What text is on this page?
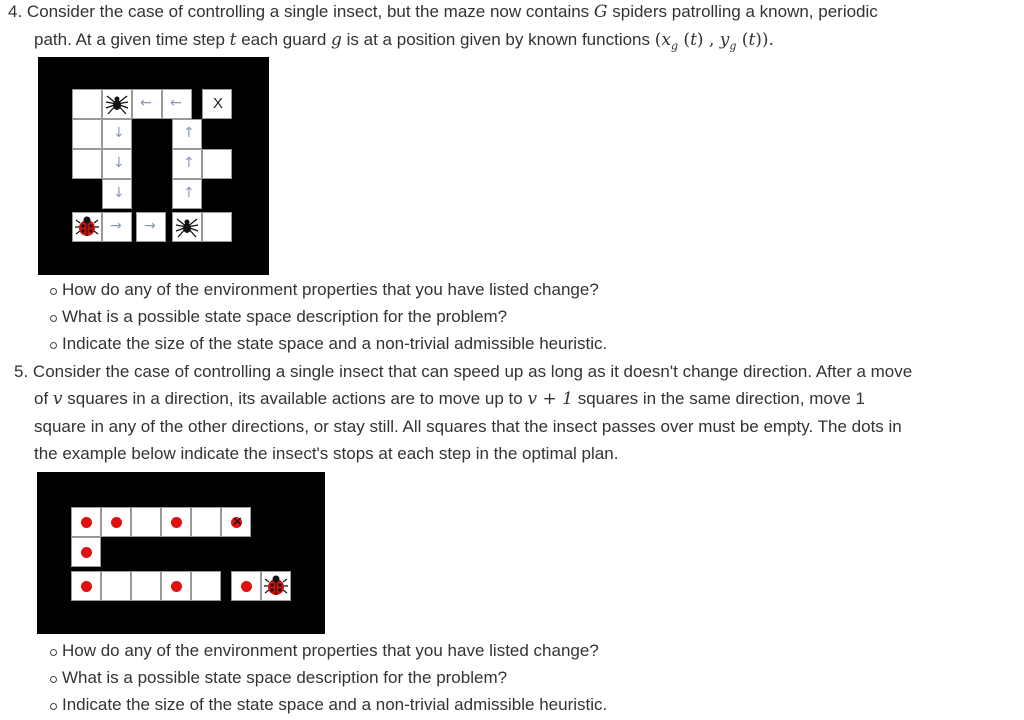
4. Consider the case of controlling a single insect, but the maze now contains G spiders patrolling a known, periodic
path. At a given time step t each guard g is at a position given by known functions ($x_g$ (t) , $y_g$ (t)).
← ← X
↓	↑
↓	↑
↓	↑
→ →
How do any of the environment properties that you have listed change?
What is a possible state space description for the problem?
Indicate the size of the state space and a non-trivial admissible heuristic.
5. Consider the case of controlling a single insect that can speed up as long as it doesn't change direction. After a move
of v squares in a direction, its available actions are to move up to v + 1 squares in the same direction, move 1
square in any of the other directions, or stay still. All squares that the insect passes over must be empty. The dots in
the example below indicate the insect's stops at each step in the optimal plan.
✕
How do any of the environment properties that you have listed change?
What is a possible state space description for the problem?
Indicate the size of the state space and a non-trivial admissible heuristic.
